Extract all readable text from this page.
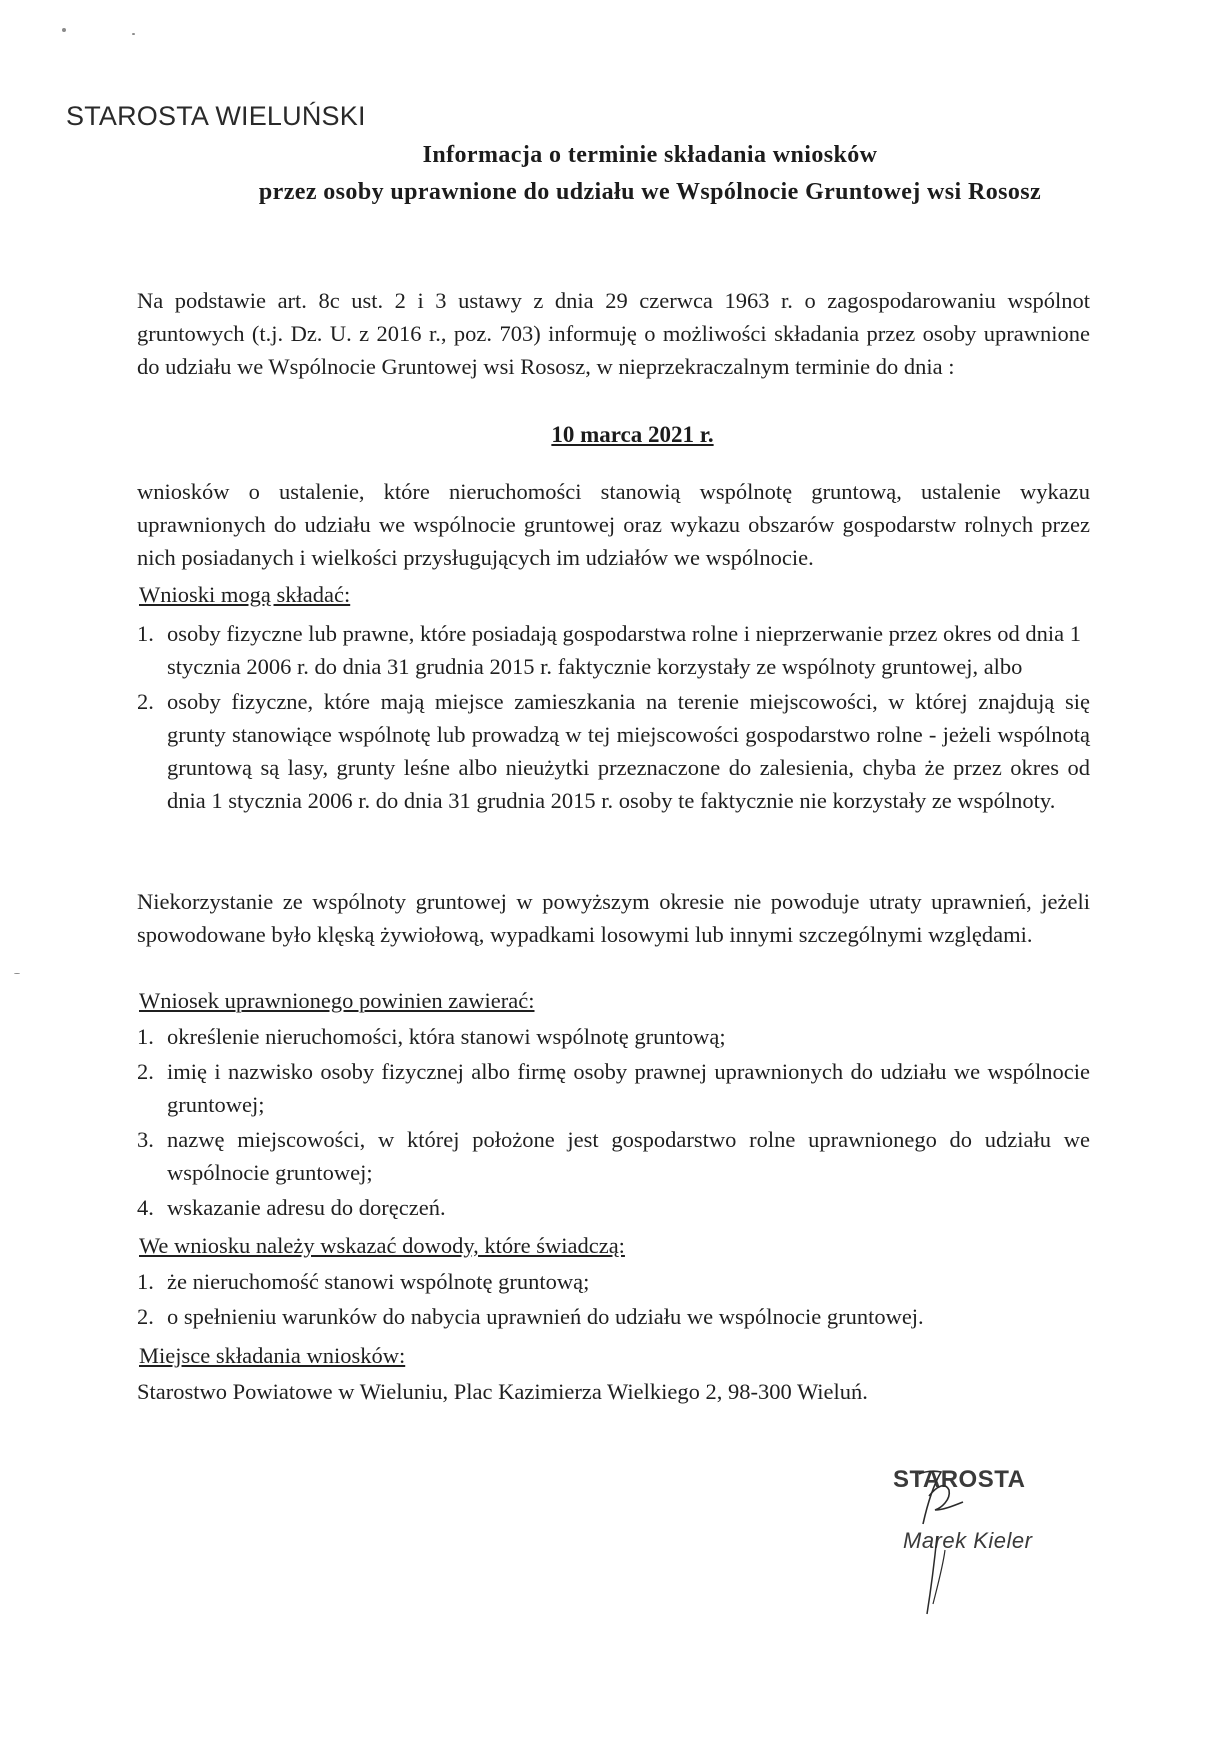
STAROSTA WIELUŃSKI
Informacja o terminie składania wniosków
przez osoby uprawnione do udziału we Wspólnocie Gruntowej wsi Rososz
Na podstawie art. 8c ust. 2 i 3 ustawy z dnia 29 czerwca 1963 r. o zagospodarowaniu wspólnot gruntowych (t.j. Dz. U. z 2016 r., poz. 703) informuję o możliwości składania przez osoby uprawnione do udziału we Wspólnocie Gruntowej wsi Rososz, w nieprzekraczalnym terminie do dnia :
10 marca 2021 r.
wniosków o ustalenie, które nieruchomości stanowią wspólnotę gruntową, ustalenie wykazu uprawnionych do udziału we wspólnocie gruntowej oraz wykazu obszarów gospodarstw rolnych przez nich posiadanych i wielkości przysługujących im udziałów we wspólnocie.
Wnioski mogą składać:
1. osoby fizyczne lub prawne, które posiadają gospodarstwa rolne i nieprzerwanie przez okres od dnia 1 stycznia 2006 r. do dnia 31 grudnia 2015 r. faktycznie korzystały ze wspólnoty gruntowej, albo
2. osoby fizyczne, które mają miejsce zamieszkania na terenie miejscowości, w której znajdują się grunty stanowiące wspólnotę lub prowadzą w tej miejscowości gospodarstwo rolne - jeżeli wspólnotą gruntową są lasy, grunty leśne albo nieużytki przeznaczone do zalesienia, chyba że przez okres od dnia 1 stycznia 2006 r. do dnia 31 grudnia 2015 r. osoby te faktycznie nie korzystały ze wspólnoty.
Niekorzystanie ze wspólnoty gruntowej w powyższym okresie nie powoduje utraty uprawnień, jeżeli spowodowane było klęską żywiołową, wypadkami losowymi lub innymi szczególnymi względami.
Wniosek uprawnionego powinien zawierać:
1. określenie nieruchomości, która stanowi wspólnotę gruntową;
2. imię i nazwisko osoby fizycznej albo firmę osoby prawnej uprawnionych do udziału we wspólnocie gruntowej;
3. nazwę miejscowości, w której położone jest gospodarstwo rolne uprawnionego do udziału we wspólnocie gruntowej;
4. wskazanie adresu do doręczeń.
We wniosku należy wskazać dowody, które świadczą:
1. że nieruchomość stanowi wspólnotę gruntową;
2. o spełnieniu warunków do nabycia uprawnień do udziału we wspólnocie gruntowej.
Miejsce składania wniosków:
Starostwo Powiatowe w Wieluniu, Plac Kazimierza Wielkiego 2, 98-300 Wieluń.
STAROSTA
Marek Kieler
